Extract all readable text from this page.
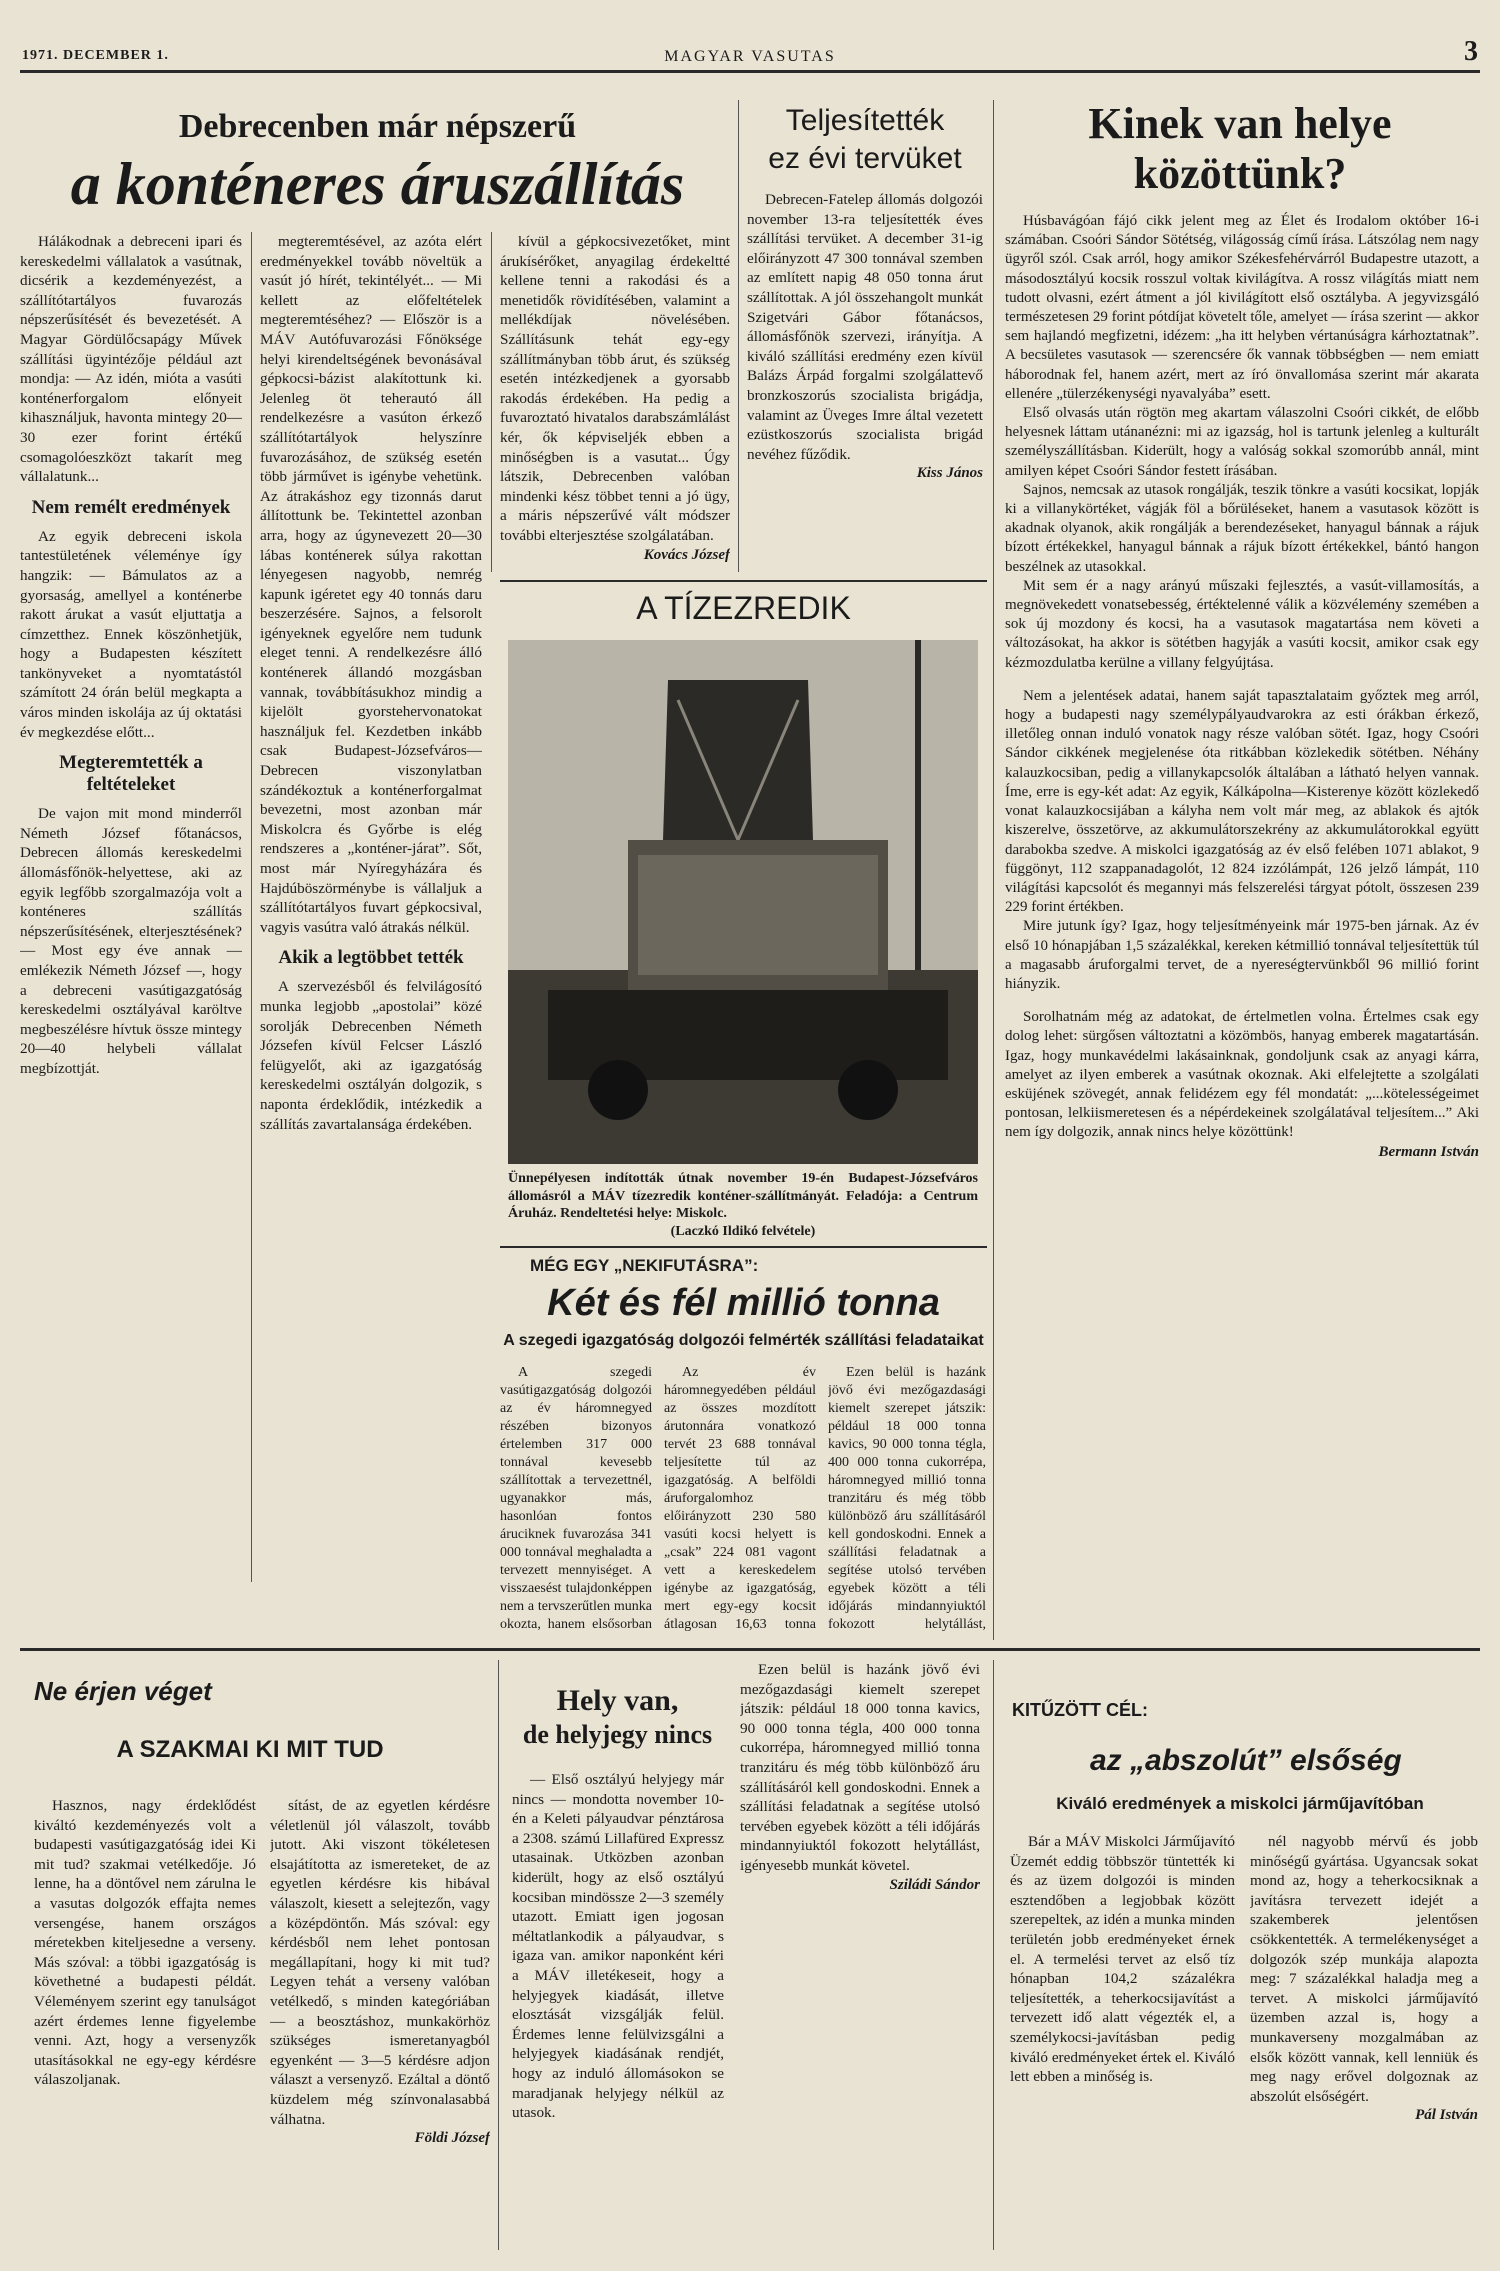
1971. DECEMBER 1.	MAGYAR VASUTAS	3
Debrecenben már népszerű
a konténeres áruszállítás

Hálákodnak a debreceni ipari és kereskedelmi vállalatok a vasútnak, dicsérik a kezdeményezést, a szállítótartályos fuvarozás népszerűsítését és bevezetését. A Magyar Gördülőcsapágy Művek szállítási ügyintézője például azt mondja: — Az idén, mióta a vasúti konténerforgalom előnyeit kihasználjuk, havonta mintegy 20—30 ezer forint értékű csomagolóeszközt takarít meg vállalatunk...

Nem remélt eredmények

Az egyik debreceni iskola tantestületének véleménye így hangzik: — Bámulatos az a gyorsaság, amellyel a konténerbe rakott árukat a vasút eljuttatja a címzetthez. Ennek köszönhetjük, hogy a Budapesten készített tankönyveket a nyomtatástól számított 24 órán belül megkapta a város minden iskolája az új oktatási év megkezdése előtt...

Megteremtették a feltételeket

De vajon mit mond minderről Németh József főtanácsos, Debrecen állomás kereskedelmi állomásfőnök-helyettese, aki az egyik legfőbb szorgalmazója volt a konténeres szállítás népszerűsítésének, elterjesztésének? — Most egy éve annak — emlékezik Németh József —, hogy a debreceni vasútigazgatóság kereskedelmi osztályával karöltve megbeszélésre hívtuk össze mintegy 20—40 helybeli vállalat megbízottját.

megteremtésével, az azóta elért eredményekkel tovább növeltük a vasút jó hírét, tekintélyét... — Mi kellett az előfeltételek megteremtéséhez? — Először is a MÁV Autófuvarozási Főnöksége helyi kirendeltségének bevonásával gépkocsi-bázist alakítottunk ki. Jelenleg öt teherautó áll rendelkezésre a vasúton érkező szállítótartályok helyszínre fuvarozásához, de szükség esetén több járművet is igénybe vehetünk. Az átrakáshoz egy tizonnás darut állítottunk be. Tekintettel azonban arra, hogy az úgynevezett 20—30 lábas konténerek súlya rakottan lényegesen nagyobb, nemrég kapunk igéretet egy 40 tonnás daru beszerzésére. Sajnos, a felsorolt igényeknek egyelőre nem tudunk eleget tenni. A rendelkezésre álló konténerek állandó mozgásban vannak, továbbításukhoz mindig a kijelölt gyorstehervonatokat használjuk fel. Kezdetben inkább csak Budapest-Józsefváros—Debrecen viszonylatban szándékoztuk a konténerforgalmat bevezetni, most azonban már Miskolcra és Győrbe is elég rendszeres a „konténer-járat”. Sőt, most már Nyíregyházára és Hajdúböszörménybe is vállaljuk a szállítótartályos fuvart gépkocsival, vagyis vasútra való átrakás nélkül.

Akik a legtöbbet tették

A szervezésből és felvilágosító munka legjobb „apostolai” közé sorolják Debrecenben Németh Józsefen kívül Felcser László felügyelőt, aki az igazgatóság kereskedelmi osztályán dolgozik, s naponta érdeklődik, intézkedik a szállítás zavartalansága érdekében.

kívül a gépkocsivezetőket, mint árukísérőket, anyagilag érdekeltté kellene tenni a rakodási és a menetidők rövidítésében, valamint a mellékdíjak növelésében. Szállításunk tehát egy-egy szállítmányban több árut, és szükség esetén intézkedjenek a gyorsabb rakodás érdekében. Ha pedig a fuvaroztató hivatalos darabszámlálást kér, ők képviseljék ebben a minőségben is a vasutat... Úgy látszik, Debrecenben valóban mindenki kész többet tenni a jó ügy, a máris népszerűvé vált módszer további elterjesztése szolgálatában.

Kovács József
Teljesítették
ez évi tervüket

Debrecen-Fatelep állomás dolgozói november 13-ra teljesítették éves szállítási tervüket. A december 31-ig előirányzott 47 300 tonnával szemben az említett napig 48 050 tonna árut szállítottak. A jól összehangolt munkát Szigetvári Gábor főtanácsos, állomásfőnök szervezi, irányítja. A kiváló szállítási eredmény ezen kívül Balázs Árpád forgalmi szolgálattevő bronzkoszorús szocialista brigádja, valamint az Üveges Imre által vezetett ezüstkoszorús szocialista brigád nevéhez fűződik.

Kiss János
A TÍZEZREDIK
Ünnepélyesen indították útnak november 19-én Budapest-Józsefváros állomásról a MÁV tízezredik konténer-szállítmányát. Feladója: a Centrum Áruház. Rendeltetési helye: Miskolc.
(Laczkó Ildikó felvétele)
MÉG EGY „NEKIFUTÁSRA”:
Két és fél millió tonna
A szegedi igazgatóság dolgozói felmérték szállítási feladataikat

A szegedi vasútigazgatóság dolgozói az év háromnegyed részében bizonyos értelemben 317 000 tonnával kevesebb szállítottak a tervezettnél, ugyanakkor más, hasonlóan fontos áruciknek fuvarozása 341 000 tonnával meghaladta a tervezett mennyiséget. A visszaesést tulajdonképpen nem a tervszerűtlen munka okozta, hanem elsősorban

Az év háromnegyedében például az összes mozdított árutonnára vonatkozó tervét 23 688 tonnával teljesítette túl az igazgatóság. A belföldi áruforgalomhoz előirányzott 230 580 vasúti kocsi helyett is „csak” 224 081 vagont vett a kereskedelem igénybe az igazgatóság, mert egy-egy kocsit átlagosan 16,63 tonna

Ezen belül is hazánk jövő évi mezőgazdasági kiemelt szerepet játszik: például 18 000 tonna kavics, 90 000 tonna tégla, 400 000 tonna cukorrépa, háromnegyed millió tonna tranzitáru és még több különböző áru szállításáról kell gondoskodni. Ennek a szállítási feladatnak a segítése utolsó tervében egyebek között a téli időjárás mindannyiuktól fokozott helytállást,

Kinek van helye
közöttünk?

Húsbavágóan fájó cikk jelent meg az Élet és Irodalom október 16-i számában. Csoóri Sándor Sötétség, világosság című írása. Látszólag nem nagy ügyről szól. Csak arról, hogy amikor Székesfehérvárról Budapestre utazott, a másodosztályú kocsik rosszul voltak kivilágítva. A rossz világítás miatt nem tudott olvasni, ezért átment a jól kivilágított első osztályba. A jegyvizsgáló természetesen 29 forint pótdíjat követelt tőle, amelyet — írása szerint — akkor sem hajlandó megfizetni, idézem: „ha itt helyben vértanúságra kárhoztatnak”. A becsületes vasutasok — szerencsére ők vannak többségben — nem emiatt háborodnak fel, hanem azért, mert az író önvallomása szerint már akarata ellenére „tülerzékenységi nyavalyába” esett.

Első olvasás után rögtön meg akartam válaszolni Csoóri cikkét, de előbb helyesnek láttam utánanézni: mi az igazság, hol is tartunk jelenleg a kulturált személyszállításban. Kiderült, hogy a valóság sokkal szomorúbb annál, mint amilyen képet Csoóri Sándor festett írásában.

Sajnos, nemcsak az utasok rongálják, teszik tönkre a vasúti kocsikat, lopják ki a villanykörtéket, vágják föl a bőrüléseket, hanem a vasutasok között is akadnak olyanok, akik rongálják a berendezéseket, hanyagul bánnak a rájuk bízott értékekkel, hanyagul bánnak a rájuk bízott értékekkel, bántó hangon beszélnek az utasokkal.

Mit sem ér a nagy arányú műszaki fejlesztés, a vasút-villamosítás, a megnövekedett vonatsebesség, értéktelenné válik a közvélemény szemében a sok új mozdony és kocsi, ha a vasutasok magatartása nem követi a változásokat, ha akkor is sötétben hagyják a vasúti kocsit, amikor csak egy kézmozdulatba kerülne a villany felgyújtása.

Nem a jelentések adatai, hanem saját tapasztalataim győztek meg arról, hogy a budapesti nagy személypályaudvarokra az esti órákban érkező, illetőleg onnan induló vonatok nagy része valóban sötét. Igaz, hogy Csoóri Sándor cikkének megjelenése óta ritkábban közlekedik sötétben. Néhány kalauzkocsiban, pedig a villanykapcsolók általában a látható helyen vannak. Íme, erre is egy-két adat: Az egyik, Kálkápolna—Kisterenye között közlekedő vonat kalauzkocsijában a kályha nem volt már meg, az ablakok és ajtók kiszerelve, összetörve, az akkumulátorszekrény az akkumulátorokkal együtt darabokba szedve. A miskolci igazgatóság az év első felében 1071 ablakot, 9 függönyt, 112 szappanadagolót, 12 824 izzólámpát, 126 jelző lámpát, 110 világítási kapcsolót és megannyi más felszerelési tárgyat pótolt, összesen 239 229 forint értékben.

Mire jutunk így? Igaz, hogy teljesítményeink már 1975-ben járnak. Az év első 10 hónapjában 1,5 százalékkal, kereken kétmillió tonnával teljesítettük túl a magasabb áruforgalmi tervet, de a nyereségtervünkből 96 millió forint hiányzik.

Sorolhatnám még az adatokat, de értelmetlen volna. Értelmes csak egy dolog lehet: sürgősen változtatni a közömbös, hanyag emberek magatartásán. Igaz, hogy munkavédelmi lakásainknak, gondoljunk csak az anyagi kárra, amelyet az ilyen emberek a vasútnak okoznak. Aki elfelejtette a szolgálati esküjének szövegét, annak felidézem egy fél mondatát: „...kötelességeimet pontosan, lelkiismeretesen és a népérdekeinek szolgálatával teljesítem...” Aki nem így dolgozik, annak nincs helye közöttünk!

Bermann István
Ne érjen véget
A SZAKMAI KI MIT TUD

Hasznos, nagy érdeklődést kiváltó kezdeményezés volt a budapesti vasútigazgatóság idei Ki mit tud? szakmai vetélkedője. Jó lenne, ha a döntővel nem zárulna le a vasutas dolgozók effajta nemes versengése, hanem országos méretekben kiteljesedne a verseny. Más szóval: a többi igazgatóság is követhetné a budapesti példát. Véleményem szerint egy tanulságot azért érdemes lenne figyelembe venni. Azt, hogy a versenyzők utasításokkal ne egy-egy kérdésre válaszoljanak.

sítást, de az egyetlen kérdésre véletlenül jól válaszolt, tovább jutott. Aki viszont tökéletesen elsajátította az ismereteket, de az egyetlen kérdésre kis hibával válaszolt, kiesett a selejtezőn, vagy a középdöntőn. Más szóval: egy kérdésből nem lehet pontosan megállapítani, hogy ki mit tud? Legyen tehát a verseny valóban vetélkedő, s minden kategóriában — a beosztáshoz, munkakörhöz szükséges ismeretanyagból egyenként — 3—5 kérdésre adjon választ a versenyző. Ezáltal a döntő küzdelem még színvonalasabbá válhatna.

Földi József
Hely van,
de helyjegy nincs

— Első osztályú helyjegy már nincs — mondotta november 10-én a Keleti pályaudvar pénztárosa a 2308. számú Lillafüred Expressz utasainak. Utközben azonban kiderült, hogy az első osztályú kocsiban mindössze 2—3 személy utazott. Emiatt igen jogosan méltatlankodik a pályaudvar, s igaza van. amikor naponként kéri a MÁV illetékeseit, hogy a helyjegyek kiadását, illetve elosztását vizsgálják felül. Érdemes lenne felülvizsgálni a helyjegyek kiadásának rendjét, hogy az induló állomásokon se maradjanak helyjegy nélkül az utasok.

Ezen belül is hazánk jövő évi mezőgazdasági kiemelt szerepet játszik: például 18 000 tonna kavics, 90 000 tonna tégla, 400 000 tonna cukorrépa, háromnegyed millió tonna tranzitáru és még több különböző áru szállításáról kell gondoskodni. Ennek a szállítási feladatnak a segítése utolsó tervében egyebek között a téli időjárás mindannyiuktól fokozott helytállást, igényesebb munkát követel.

Sziládi Sándor
KITŰZÖTT CÉL:
az „abszolút” elsőség
Kiváló eredmények a miskolci járműjavítóban

Bár a MÁV Miskolci Járműjavító Üzemét eddig többször tüntették ki és az üzem dolgozói is minden esztendőben a legjobbak között szerepeltek, az idén a munka minden területén jobb eredményeket érnek el. A termelési tervet az első tíz hónapban 104,2 százalékra teljesítették, a teherkocsijavítást a tervezett idő alatt végezték el, a személykocsi-javításban pedig kiváló eredményeket értek el. Kiváló lett ebben a minőség is.

nél nagyobb mérvű és jobb minőségű gyártása. Ugyancsak sokat mond az, hogy a teherkocsiknak a javításra tervezett idejét a szakemberek jelentősen csökkentették. A termelékenységet a dolgozók szép munkája alapozta meg: 7 százalékkal haladja meg a tervet. A miskolci járműjavító üzemben azzal is, hogy a munkaverseny mozgalmában az elsők között vannak, kell lenniük és meg nagy erővel dolgoznak az abszolút elsőségért.

Pál István
